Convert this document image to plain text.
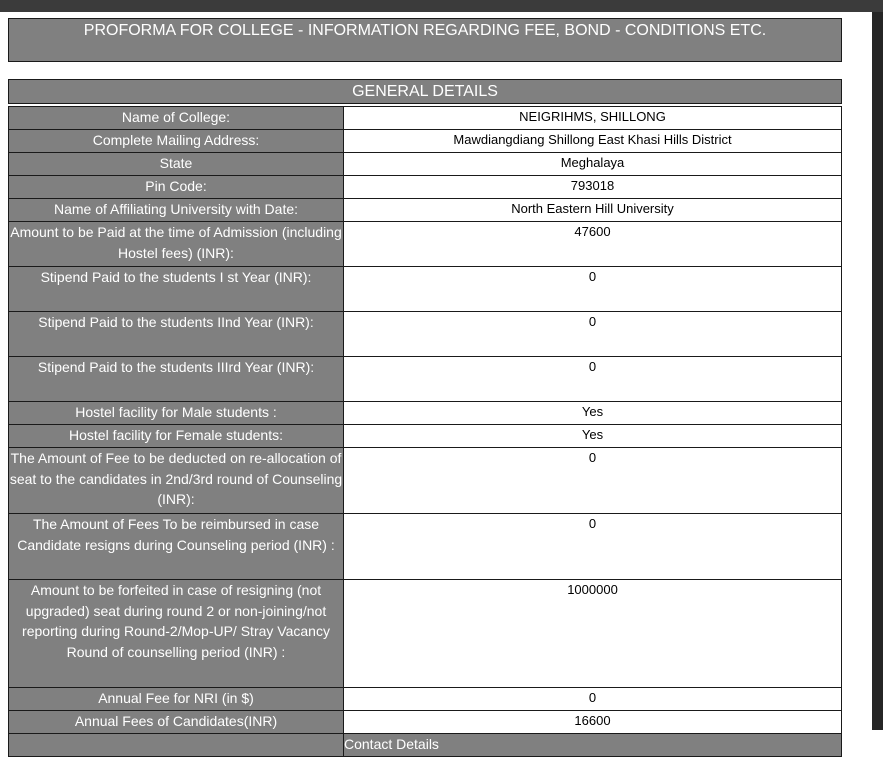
PROFORMA FOR COLLEGE - INFORMATION REGARDING FEE, BOND - CONDITIONS ETC.
GENERAL DETAILS
Name of College:	NEIGRIHMS, SHILLONG
Complete Mailing Address:	Mawdiangdiang Shillong East Khasi Hills District
State	Meghalaya
Pin Code:	793018
Name of Affiliating University with Date:	North Eastern Hill University
Amount to be Paid at the time of Admission (including Hostel fees) (INR):	47600
Stipend Paid to the students I st Year (INR):	0
Stipend Paid to the students IInd Year (INR):	0
Stipend Paid to the students IIIrd Year (INR):	0
Hostel facility for Male students :	Yes
Hostel facility for Female students:	Yes
The Amount of Fee to be deducted on re-allocation of seat to the candidates in 2nd/3rd round of Counseling (INR):	0
The Amount of Fees To be reimbursed in case Candidate resigns during Counseling period (INR) :	0
Amount to be forfeited in case of resigning (not upgraded) seat during round 2 or non-joining/not reporting during Round-2/Mop-UP/ Stray Vacancy Round of counselling period (INR) :	1000000
Annual Fee for NRI (in $)	0
Annual Fees of Candidates(INR)	16600
	Contact Details
